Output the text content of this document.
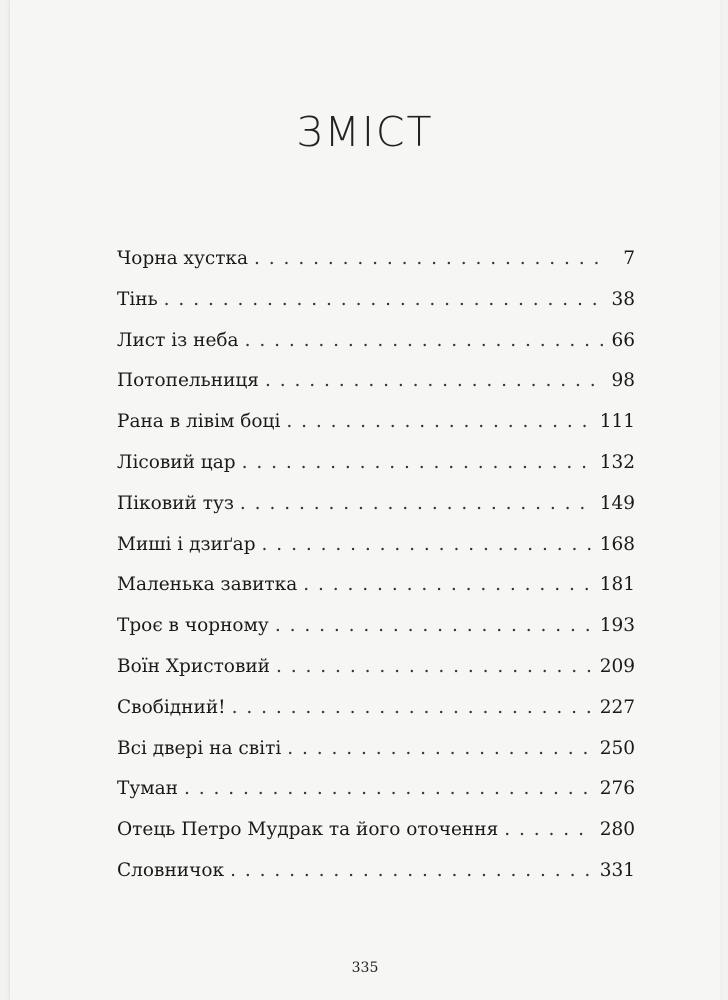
ЗМІСТ
Чорна хустка . . .	7
Тінь . . .	38
Лист із неба . . .	66
Потопельниця . . .	98
Рана в лівім боці . . .	111
Лісовий цар . . .	132
Піковий туз . . .	149
Миші і дзиґар . . .	168
Маленька завитка . . .	181
Троє в чорному . . .	193
Воїн Христовий . . .	209
Свобідний! . . .	227
Всі двері на світі . . .	250
Туман . . .	276
Отець Петро Мудрак та його оточення . . .	280
Словничок . . .	331
335
